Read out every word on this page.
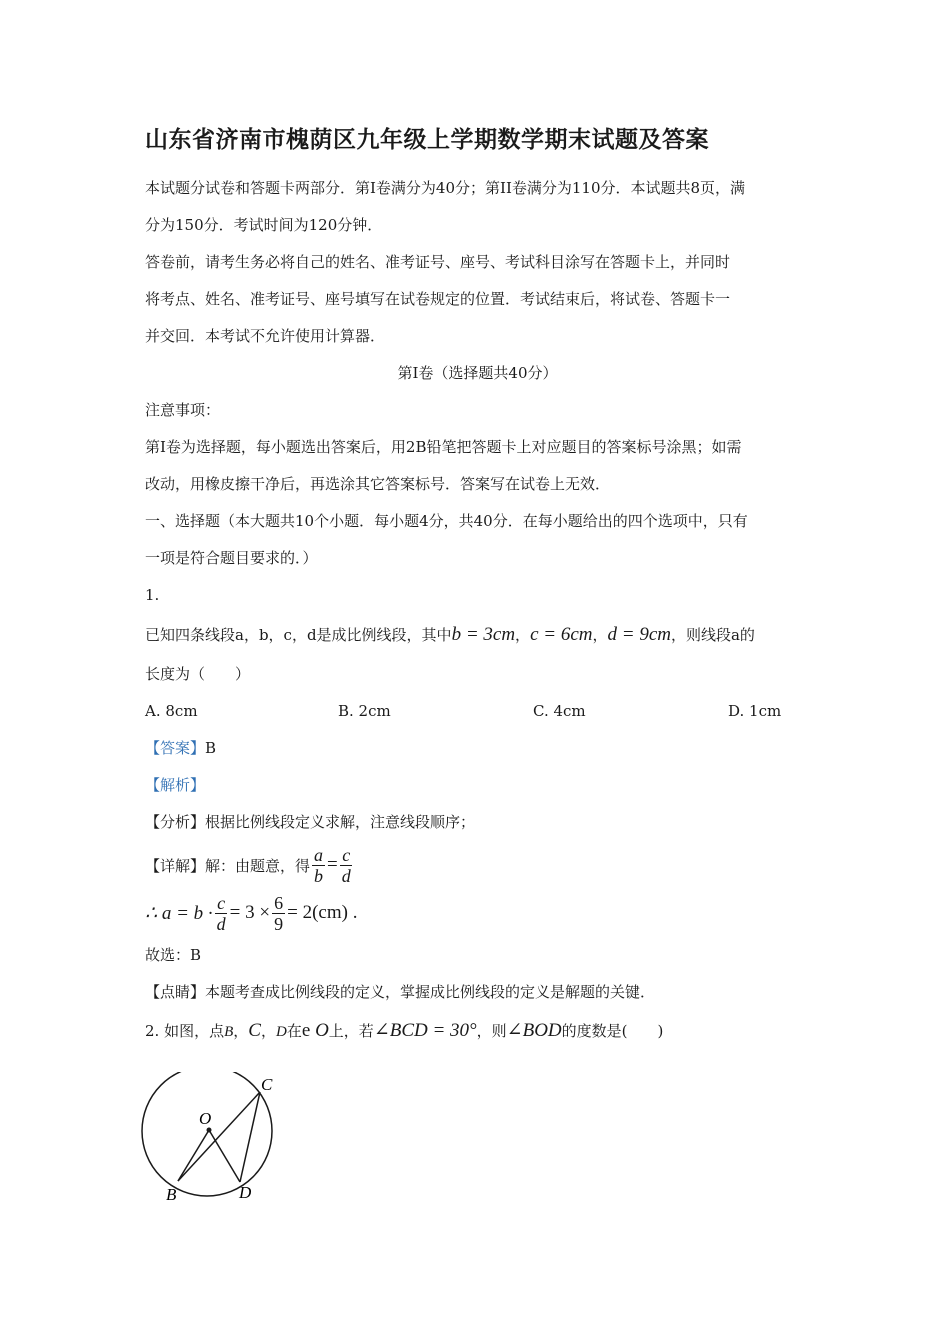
山东省济南市槐荫区九年级上学期数学期末试题及答案

本试题分试卷和答题卡两部分．第I卷满分为40分；第II卷满分为110分．本试题共8页，满

分为150分．考试时间为120分钟．

答卷前，请考生务必将自己的姓名、准考证号、座号、考试科目涂写在答题卡上，并同时

将考点、姓名、准考证号、座号填写在试卷规定的位置．考试结束后，将试卷、答题卡一

并交回．本考试不允许使用计算器．

第I卷（选择题共40分）

注意事项：

第I卷为选择题，每小题选出答案后，用2B铅笔把答题卡上对应题目的答案标号涂黑；如需

改动，用橡皮擦干净后，再选涂其它答案标号．答案写在试卷上无效．

一、选择题（本大题共10个小题．每小题4分，共40分．在每小题给出的四个选项中，只有

一项是符合题目要求的．）

1.

已知四条线段a，b，c，d是成比例线段，其中b = 3cm，c = 6cm，d = 9cm，则线段a的

长度为（　　）

A. 8cm	B. 2cm	C. 4cm	D. 1cm

【答案】B

【解析】

【分析】根据比例线段定义求解，注意线段顺序；

【详解】解：由题意，得 $\frac{a}{b} = \frac{c}{d}$
∴ $a = b \cdot \frac{c}{d} = 3 \times \frac{6}{9} = 2(cm)$ .

故选：B

【点睛】本题考查成比例线段的定义，掌握成比例线段的定义是解题的关键．

2. 如图，点B，C，D在e O上，若∠BCD = 30°，则∠BOD的度数是(　　)

C
O
B	D
